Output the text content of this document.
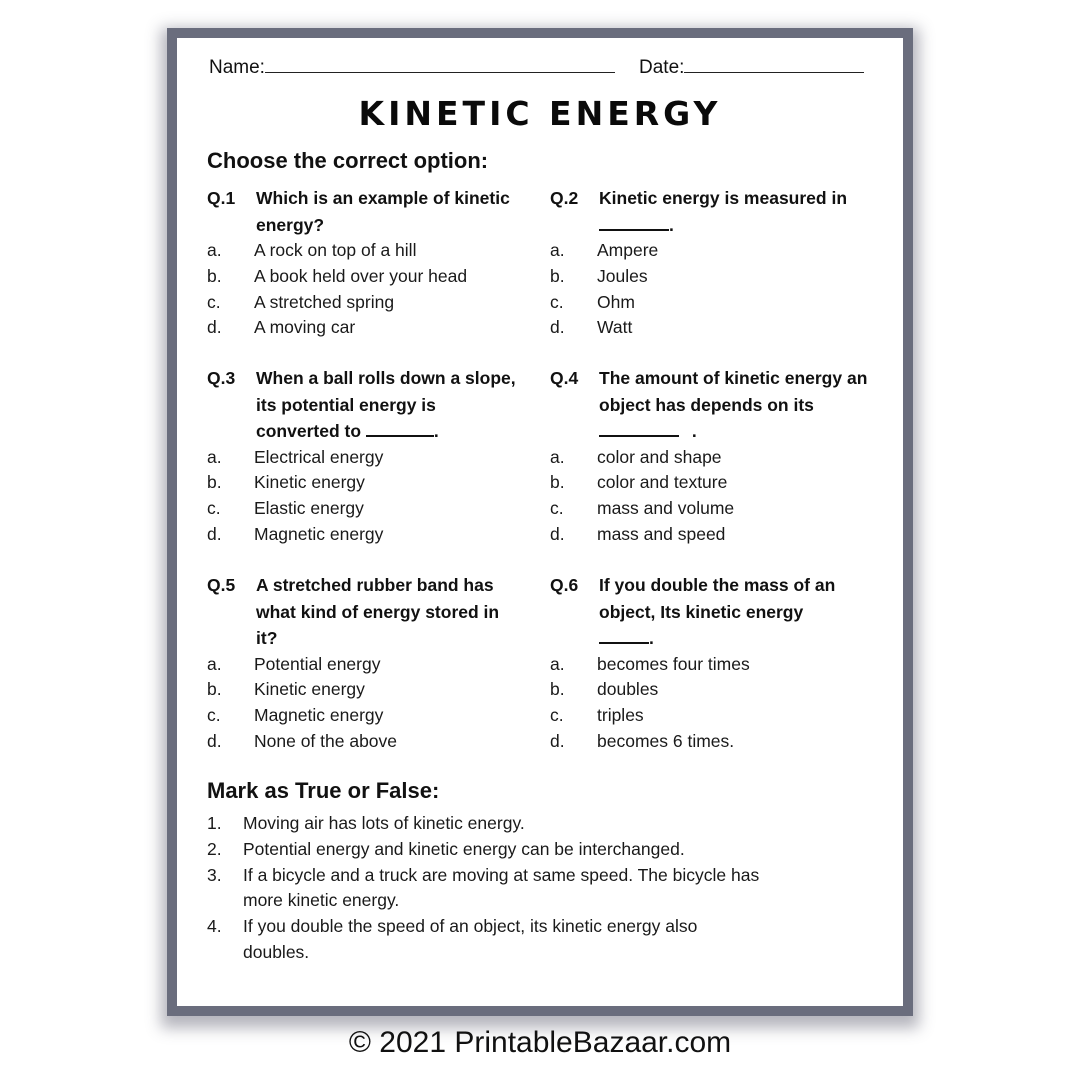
Name:	Date:
KINETIC ENERGY
Choose the correct option:
Q.1 Which is an example of kinetic energy?
a. A rock on top of a hill
b. A book held over your head
c. A stretched spring
d. A moving car
Q.2 Kinetic energy is measured in
.
a. Ampere
b. Joules
c. Ohm
d. Watt
Q.3 When a ball rolls down a slope, its potential energy is converted to	.
a. Electrical energy
b. Kinetic energy
c. Elastic energy
d. Magnetic energy
Q.4 The amount of kinetic energy an object has depends on its
.
a. color and shape
b. color and texture
c. mass and volume
d. mass and speed
Q.5 A stretched rubber band has what kind of energy stored in it?
a. Potential energy
b. Kinetic energy
c. Magnetic energy
d. None of the above
Q.6 If you double the mass of an object, Its kinetic energy
.
a. becomes four times
b. doubles
c. triples
d. becomes 6 times.
Mark as True or False:
1. Moving air has lots of kinetic energy.
2. Potential energy and kinetic energy can be interchanged.
3. If a bicycle and a truck are moving at same speed. The bicycle has more kinetic energy.
4. If you double the speed of an object, its kinetic energy also doubles.
© 2021 PrintableBazaar.com
